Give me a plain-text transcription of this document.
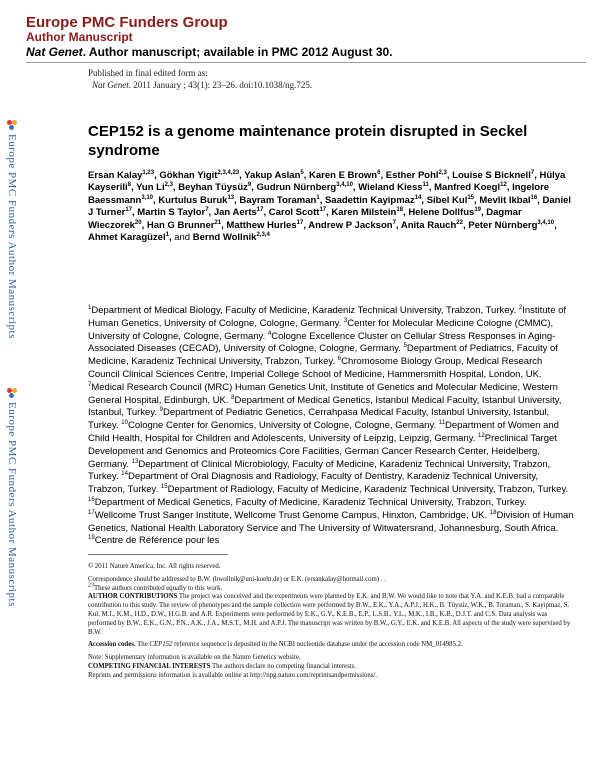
Europe PMC Funders Group
Author Manuscript
Nat Genet. Author manuscript; available in PMC 2012 August 30.
Published in final edited form as:
Nat Genet. 2011 January ; 43(1): 23–26. doi:10.1038/ng.725.
Europe PMC Funders Author Manuscripts
Europe PMC Funders Author Manuscripts
CEP152 is a genome maintenance protein disrupted in Seckel syndrome
Ersan Kalay$^{1,23}$, Gökhan Yigit$^{2,3,4,23}$, Yakup Aslan$^5$, Karen E Brown$^6$, Esther Pohl$^{2,3}$, Louise S Bicknell$^7$, Hülya Kayserili$^8$, Yun Li$^{2,3}$, Beyhan Tüysüz$^9$, Gudrun Nürnberg$^{3,4,10}$, Wieland Kiess$^{11}$, Manfred Koegl$^{12}$, Ingelore Baessmann$^{3,10}$, Kurtulus Buruk$^{13}$, Bayram Toraman$^1$, Saadettin Kayipmaz$^{14}$, Sibel Kul$^{15}$, Mevlit Ikbal$^{16}$, Daniel J Turner$^{17}$, Martin S Taylor$^7$, Jan Aerts$^{17}$, Carol Scott$^{17}$, Karen Milstein$^{18}$, Helene Dollfus$^{19}$, Dagmar Wieczorek$^{20}$, Han G Brunner$^{21}$, Matthew Hurles$^{17}$, Andrew P Jackson$^7$, Anita Rauch$^{22}$, Peter Nürnberg$^{3,4,10}$, Ahmet Karagüzel$^1$, and Bernd Wollnik$^{2,3,4}$
$^1$Department of Medical Biology, Faculty of Medicine, Karadeniz Technical University, Trabzon, Turkey. $^2$Institute of Human Genetics, University of Cologne, Cologne, Germany. $^3$Center for Molecular Medicine Cologne (CMMC), University of Cologne, Cologne, Germany. $^4$Cologne Excellence Cluster on Cellular Stress Responses in Aging-Associated Diseases (CECAD), University of Cologne, Cologne, Germany. $^5$Department of Pediatrics, Faculty of Medicine, Karadeniz Technical University, Trabzon, Turkey. $^6$Chromosome Biology Group, Medical Research Council Clinical Sciences Centre, Imperial College School of Medicine, Hammersmith Hospital, London, UK. $^7$Medical Research Council (MRC) Human Genetics Unit, Institute of Genetics and Molecular Medicine, Western General Hospital, Edinburgh, UK. $^8$Department of Medical Genetics, Istanbul Medical Faculty, Istanbul University, Istanbul, Turkey. $^9$Department of Pediatric Genetics, Cerrahpasa Medical Faculty, Istanbul University, Istanbul, Turkey. $^{10}$Cologne Center for Genomics, University of Cologne, Cologne, Germany. $^{11}$Department of Women and Child Health, Hospital for Children and Adolescents, University of Leipzig, Leipzig, Germany. $^{12}$Preclinical Target Development and Genomics and Proteomics Core Facilities, German Cancer Research Center, Heidelberg, Germany. $^{13}$Department of Clinical Microbiology, Faculty of Medicine, Karadeniz Technical University, Trabzon, Turkey. $^{14}$Department of Oral Diagnosis and Radiology, Faculty of Dentistry, Karadeniz Technical University, Trabzon, Turkey. $^{15}$Department of Radiology, Faculty of Medicine, Karadeniz Technical University, Trabzon, Turkey. $^{16}$Department of Medical Genetics, Faculty of Medicine, Karadeniz Technical University, Trabzon, Turkey. $^{17}$Wellcome Trust Sanger Institute, Wellcome Trust Genome Campus, Hinxton, Cambridge, UK. $^{18}$Division of Human Genetics, National Health Laboratory Service and The University of Witwatersrand, Johannesburg, South Africa. $^{19}$Centre de Référence pour les

© 2011 Nature America, Inc. All rights reserved.

Correspondence should be addressed to B.W. (bwollnik@uni-koeln.de) or E.K. (ersankalay@hotmail.com) . .

$^{23}$These authors contributed equally to this work.

AUTHOR CONTRIBUTIONS The project was conceived and the experiments were planned by E.K. and B.W. We would like to note that Y.A. and K.E.B. had a comparable contribution to this study. The review of phenotypes and the sample collection were performed by B.W., E.K., Y.A., A.P.J., H.K., B. Tüysüz, W.K., B. Toraman., S. Kayipmaz, S. Kul, M.I., K.M., H.D., D.W., H.G.B. and A.R. Experiments were performed by E.K., G.Y., K.E.B., E.P., L.S.B., Y.L., M.K., I.B., K.B., D.J.T. and C.S. Data analysis was performed by B.W., E.K., G.N., P.N., A.K., J.A., M.S.T., M.H. and A.P.J. The manuscript was written by B.W., G.Y., E.K. and K.E.B. All aspects of the study were supervised by B.W.

Accession codes. The CEP152 reference sequence is deposited in the NCBI nucleotide database under the accession code NM_014985.2.

Note: Supplementary information is available on the Nature Genetics website.

COMPETING FINANCIAL INTERESTS The authors declare no competing financial interests.

Reprints and permissions information is available online at http://npg.nature.com/reprintsandpermissions/.
